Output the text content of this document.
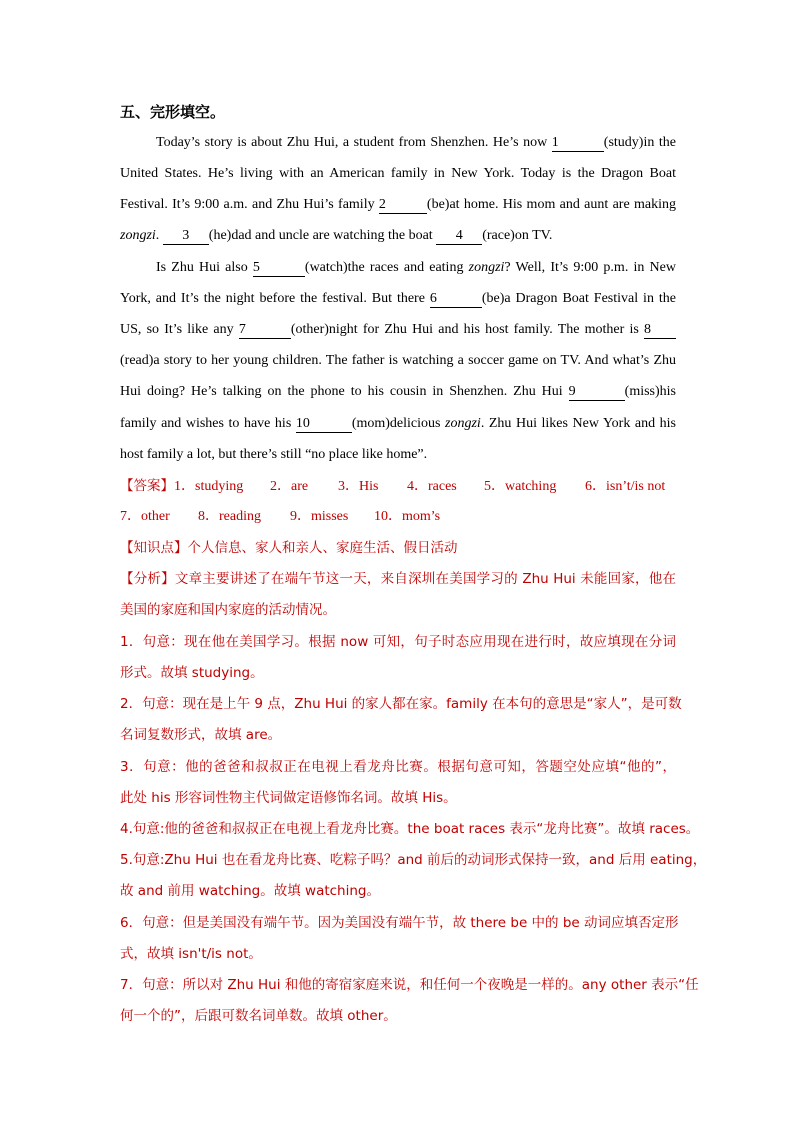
五、完形填空。
Today’s story is about Zhu Hui, a student from Shenzhen. He’s now 1	(study)in the
United States. He’s living with an American family in New York. Today is the Dragon Boat
Festival. It’s 9:00 a.m. and Zhu Hui’s family 2	(be)at home. His mom and aunt are making
zongzi. 3 (he)dad and uncle are watching the boat 4 (race)on TV.
Is Zhu Hui also 5	(watch)the races and eating zongzi? Well, It’s 9:00 p.m. in New
York, and It’s the night before the festival. But there 6	(be)a Dragon Boat Festival in the
US, so It’s like any 7	(other)night for Zhu Hui and his host family. The mother is 8
(read)a story to her young children. The father is watching a soccer game on TV. And what’s Zhu
Hui doing? He’s talking on the phone to his cousin in Shenzhen. Zhu Hui 9	(miss)his
family and wishes to have his 10	(mom)delicious zongzi. Zhu Hui likes New York and his
host family a lot, but there’s still “no place like home”.
【答案】1．studying 2．are 3．His 4．races 5．watching 6．isn’t/is not
7．other 8．reading 9．misses 10．mom’s
【知识点】个人信息、家人和亲人、家庭生活、假日活动
【分析】文章主要讲述了在端午节这一天，来自深圳在美国学习的 Zhu Hui 未能回家，他在
美国的家庭和国内家庭的活动情况。
1．句意：现在他在美国学习。根据 now 可知，句子时态应用现在进行时，故应填现在分词
形式。故填 studying。
2．句意：现在是上午 9 点，Zhu Hui 的家人都在家。family 在本句的意思是“家人”，是可数
名词复数形式，故填 are。
3．句意：他的爸爸和叔叔正在电视上看龙舟比赛。根据句意可知，答题空处应填“他的”，
此处 his 形容词性物主代词做定语修饰名词。故填 His。
4.句意:他的爸爸和叔叔正在电视上看龙舟比赛。the boat races 表示“龙舟比赛”。故填 races。
5.句意:Zhu Hui 也在看龙舟比赛、吃粽子吗？and 前后的动词形式保持一致，and 后用 eating，
故 and 前用 watching。故填 watching。
6．句意：但是美国没有端午节。因为美国没有端午节，故 there be 中的 be 动词应填否定形
式，故填 isn't/is not。
7．句意：所以对 Zhu Hui 和他的寄宿家庭来说，和任何一个夜晚是一样的。any other 表示“任
何一个的”，后跟可数名词单数。故填 other。
